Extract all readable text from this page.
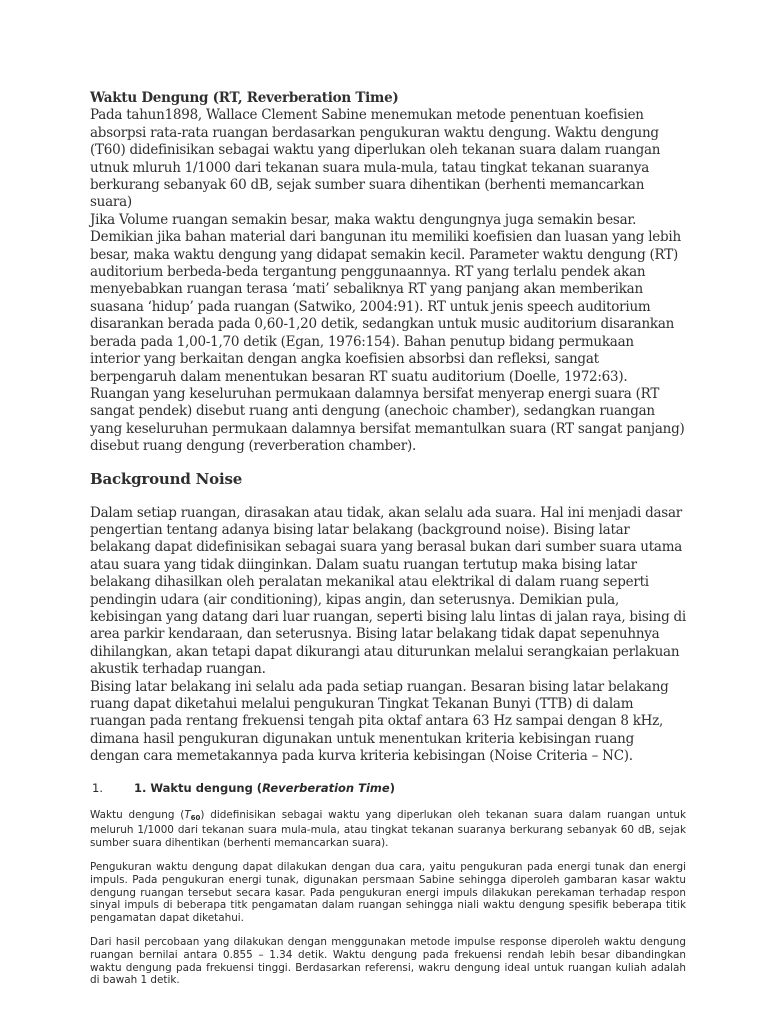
Waktu Dengung (RT, Reverberation Time)

Pada tahun1898, Wallace Clement Sabine menemukan metode penentuan koefisien absorpsi rata-rata ruangan berdasarkan pengukuran waktu dengung. Waktu dengung (T60) didefinisikan sebagai waktu yang diperlukan oleh tekanan suara dalam ruangan utnuk mluruh 1/1000 dari tekanan suara mula-mula, tatau tingkat tekanan suaranya berkurang sebanyak 60 dB, sejak sumber suara dihentikan (berhenti memancarkan suara)

Jika Volume ruangan semakin besar, maka waktu dengungnya juga semakin besar. Demikian jika bahan material dari bangunan itu memiliki koefisien dan luasan yang lebih besar, maka waktu dengung yang didapat semakin kecil. Parameter waktu dengung (RT) auditorium berbeda-beda tergantung penggunaannya. RT yang terlalu pendek akan menyebabkan ruangan terasa ‘mati’ sebaliknya RT yang panjang akan memberikan suasana ‘hidup’ pada ruangan (Satwiko, 2004:91). RT untuk jenis speech auditorium disarankan berada pada 0,60-1,20 detik, sedangkan untuk music auditorium disarankan berada pada 1,00-1,70 detik (Egan, 1976:154). Bahan penutup bidang permukaan interior yang berkaitan dengan angka koefisien absorbsi dan refleksi, sangat berpengaruh dalam menentukan besaran RT suatu auditorium (Doelle, 1972:63). Ruangan yang keseluruhan permukaan dalamnya bersifat menyerap energi suara (RT sangat pendek) disebut ruang anti dengung (anechoic chamber), sedangkan ruangan yang keseluruhan permukaan dalamnya bersifat memantulkan suara (RT sangat panjang) disebut ruang dengung (reverberation chamber).

Background Noise

Dalam setiap ruangan, dirasakan atau tidak, akan selalu ada suara. Hal ini menjadi dasar pengertian tentang adanya bising latar belakang (background noise). Bising latar belakang dapat didefinisikan sebagai suara yang berasal bukan dari sumber suara utama atau suara yang tidak diinginkan. Dalam suatu ruangan tertutup maka bising latar belakang dihasilkan oleh peralatan mekanikal atau elektrikal di dalam ruang seperti pendingin udara (air conditioning), kipas angin, dan seterusnya. Demikian pula, kebisingan yang datang dari luar ruangan, seperti bising lalu lintas di jalan raya, bising di area parkir kendaraan, dan seterusnya. Bising latar belakang tidak dapat sepenuhnya dihilangkan, akan tetapi dapat dikurangi atau diturunkan melalui serangkaian perlakuan akustik terhadap ruangan.

Bising latar belakang ini selalu ada pada setiap ruangan. Besaran bising latar belakang ruang dapat diketahui melalui pengukuran Tingkat Tekanan Bunyi (TTB) di dalam ruangan pada rentang frekuensi tengah pita oktaf antara 63 Hz sampai dengan 8 kHz, dimana hasil pengukuran digunakan untuk menentukan kriteria kebisingan ruang dengan cara memetakannya pada kurva kriteria kebisingan (Noise Criteria – NC).

1.	1. Waktu dengung (Reverberation Time)

Waktu dengung $(T_{60})$ didefinisikan sebagai waktu yang diperlukan oleh tekanan suara dalam ruangan untuk meluruh 1/1000 dari tekanan suara mula-mula, atau tingkat tekanan suaranya berkurang sebanyak 60 dB, sejak sumber suara dihentikan (berhenti memancarkan suara).

Pengukuran waktu dengung dapat dilakukan dengan dua cara, yaitu pengukuran pada energi tunak dan energi impuls. Pada pengukuran energi tunak, digunakan persmaan Sabine sehingga diperoleh gambaran kasar waktu dengung ruangan tersebut secara kasar. Pada pengukuran energi impuls dilakukan perekaman terhadap respon sinyal impuls di beberapa titk pengamatan dalam ruangan sehingga niali waktu dengung spesifik beberapa titik pengamatan dapat diketahui.

Dari hasil percobaan yang dilakukan dengan menggunakan metode impulse response diperoleh waktu dengung ruangan bernilai antara 0.855 – 1.34 detik. Waktu dengung pada frekuensi rendah lebih besar dibandingkan waktu dengung pada frekuensi tinggi. Berdasarkan referensi, wakru dengung ideal untuk ruangan kuliah adalah di bawah 1 detik.
